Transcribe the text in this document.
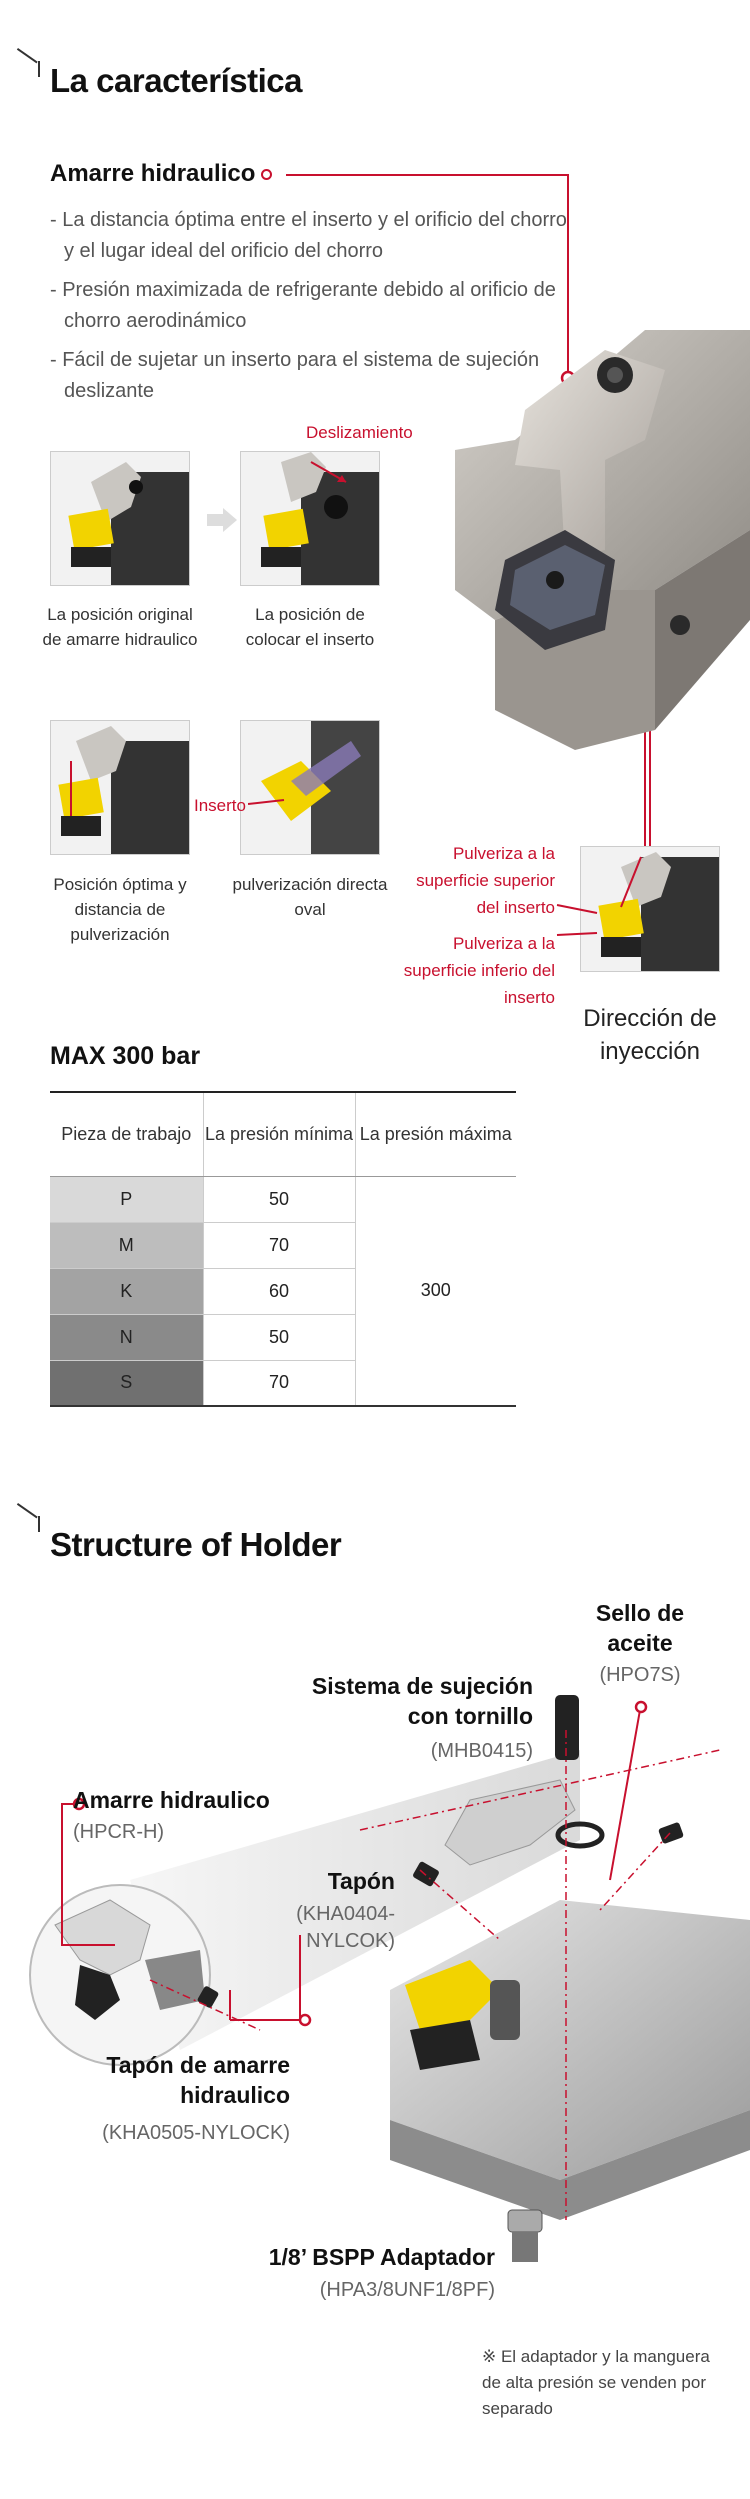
La característica
Amarre hidraulico
- La distancia óptima entre el inserto y el orificio del chorro y el lugar ideal del orificio del chorro
- Presión maximizada de refrigerante debido al orificio de chorro aerodinámico
- Fácil de sujetar un inserto para el sistema de sujeción deslizante
Deslizamiento
La posición original de amarre hidraulico
La posición de colocar el inserto
Inserto
Posición óptima y distancia de pulverización
pulverización directa oval
Pulveriza a la superficie superior del inserto
Pulveriza a la superficie inferio del inserto
Dirección de inyección
MAX 300 bar
Pieza de trabajo	La presión mínima	La presión máxima
P	50	300
M	70	
K	60	
N	50	
S	70	
Structure of Holder
Sello de aceite
(HPO7S)
Sistema de sujeción con tornillo
(MHB0415)
Amarre hidraulico
(HPCR-H)
Tapón
(KHA0404-NYLCOK)
Tapón de amarre hidraulico
(KHA0505-NYLOCK)
1/8’ BSPP Adaptador
(HPA3/8UNF1/8PF)
※ El adaptador y la manguera de alta presión se venden por separado
